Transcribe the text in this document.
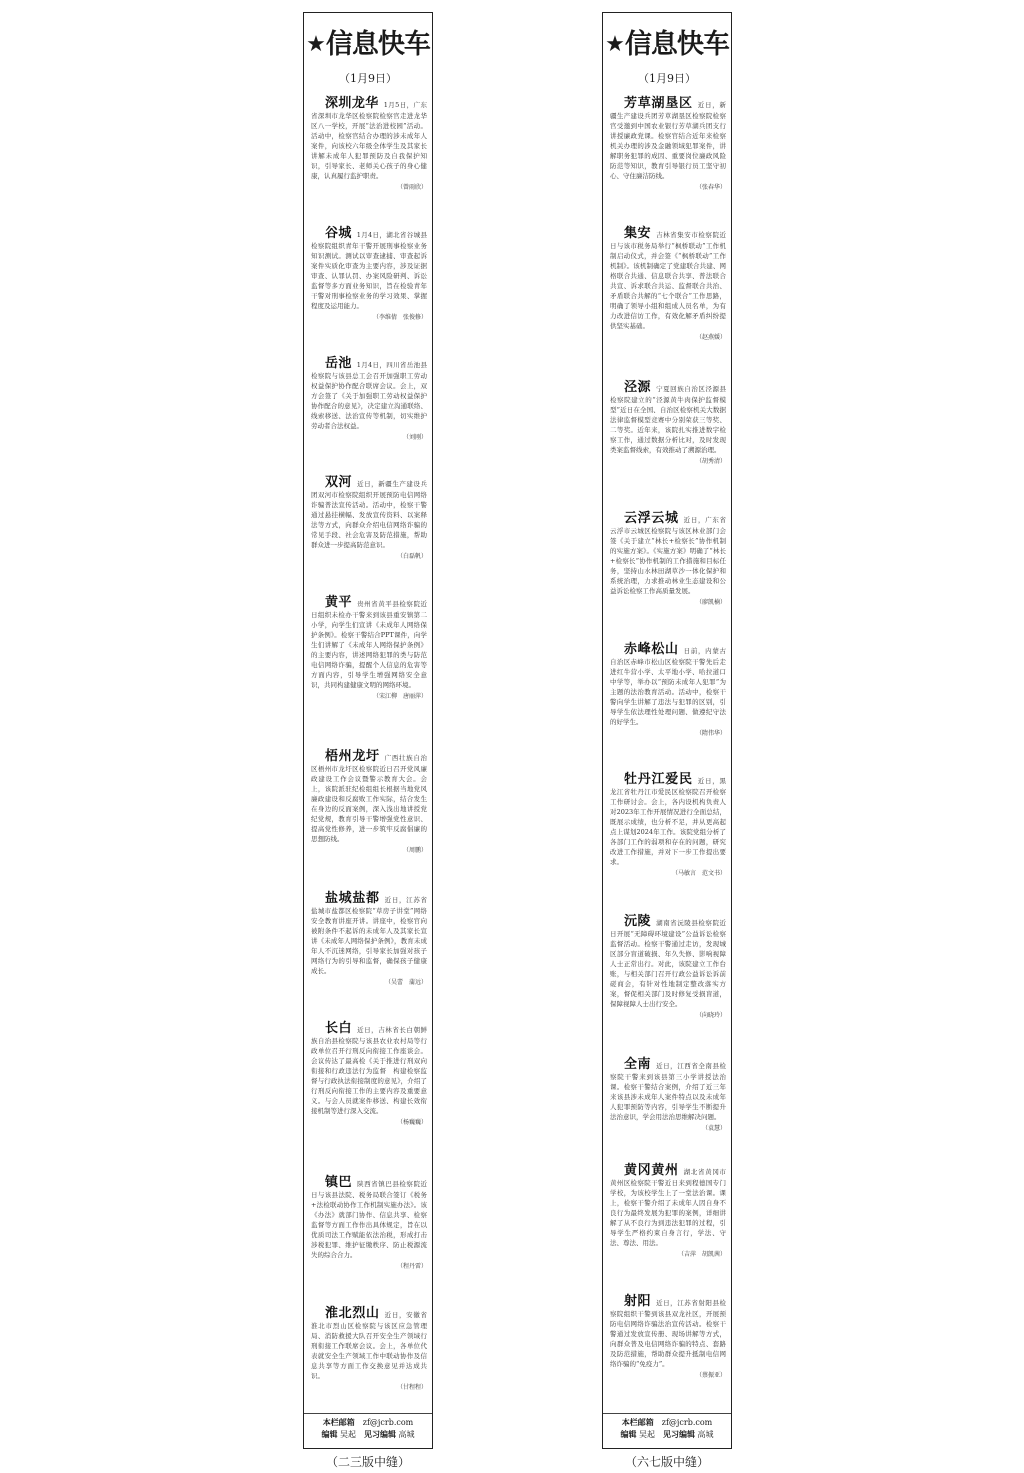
★信息快车
（1月9日）

深圳龙华 1月5日，广东省深圳市龙华区检察院检察官走进龙华区八一学校，开展“法治进校园”活动。活动中，检察官结合办理的涉未成年人案件，向该校六年级全体学生及其家长讲解未成年人犯罪预防及自我保护知识，引导家长、老师关心孩子的身心健康，认真履行监护职责。

（曾雨欣）

谷城 1月4日，湖北省谷城县检察院组织青年干警开展刑事检察业务知识测试。测试以审查逮捕、审查起诉案件实质化审查为主要内容，涉及证据审查、认罪认罚、办案风险研判、诉讼监督等多方面业务知识，旨在检验青年干警对刑事检察业务的学习效果、掌握程度及运用能力。

（李维倩　张俊修）

岳池 1月4日，四川省岳池县检察院与该县总工会召开加强职工劳动权益保护协作配合联席会议。会上，双方会签了《关于加强职工劳动权益保护协作配合的意见》，决定建立沟通联络、线索移送、法治宣传等机制，切实维护劳动者合法权益。

（刘刚）

双河 近日，新疆生产建设兵团双河市检察院组织开展预防电信网络诈骗普法宣传活动。活动中，检察干警通过悬挂横幅、发放宣传资料、以案释法等方式，向群众介绍电信网络诈骗的常见手段、社会危害及防范措施，帮助群众进一步提高防范意识。

（白磊帆）

黄平 贵州省黄平县检察院近日组织未检办干警来到该县重安镇第二小学，向学生们宣讲《未成年人网络保护条例》。检察干警结合PPT课件，向学生们讲解了《未成年人网络保护条例》的主要内容，讲述网络犯罪的类与防范电信网络诈骗，提醒个人信息的危害等方面内容，引导学生增强网络安全意识，共同构建健康文明的网络环境。

（宋江柳　唐丽萍）

梧州龙圩 广西壮族自治区梧州市龙圩区检察院近日召开党风廉政建设工作会议暨警示教育大会。会上，该院派驻纪检组组长根据当地党风廉政建设和反腐败工作实际，结合发生在身边的反面案例，深入浅出地讲授党纪党规，教育引导干警增强党性意识、提高党性修养，进一步筑牢反腐倡廉的思想防线。

（周鹏）

盐城盐都 近日，江苏省盐城市盐都区检察院“草房子讲堂”网络安全教育讲座开讲。讲座中，检察官向被附条件不起诉的未成年人及其家长宣讲《未成年人网络保护条例》，教育未成年人不沉迷网络，引导家长加强对孩子网络行为的引导和监督，确保孩子健康成长。

（吴蕾　蒲远）

长白 近日，吉林省长白朝鲜族自治县检察院与该县农业农村局等行政单位召开行刑反向衔接工作座谈会。会议传达了最高检《关于推进行刑双向衔接和行政违法行为监督　构建检察监督与行政执法衔接制度的意见》，介绍了行刑反向衔接工作的主要内容及重要意义。与会人员就案件移送、构建长效衔接机制等进行深入交流。

（杨巍巍）

镇巴 陕西省镇巴县检察院近日与该县法院、税务局联合签订《税务+法检联动协作工作机制实施办法》。该《办法》就部门协作、信息共享、检察监督等方面工作作出具体规定，旨在以优质司法工作赋能依法治税，形成打击涉税犯罪、维护征缴秩序、防止税源流失的综合合力。

（程丹雷）

淮北烈山 近日，安徽省淮北市烈山区检察院与该区应急管理局、消防救援大队召开安全生产领域行刑衔接工作联席会议。会上，各单位代表就安全生产领域工作中联动协作及信息共享等方面工作交换意见并达成共识。

（甘程程）
本栏邮箱　 zf@jcrb.com
编辑 吴起　 见习编辑 高城
（二三版中缝）
★信息快车
（1月9日）

芳草湖垦区 近日，新疆生产建设兵团芳草湖垦区检察院检察官受邀到中国农业银行芳草湖兵团支行讲授廉政党课。检察官结合近年来检察机关办理的涉及金融领域犯罪案件，讲解职务犯罪的成因、重要岗位廉政风险防范等知识，教育引导银行员工坚守初心、守住廉洁防线。

（张春华）

集安 吉林省集安市检察院近日与该市税务局举行“枫桥联动”工作机制启动仪式，并会签《“枫桥联动”工作机制》。该机制确定了党建联合共建、网格联合共通、信息联合共享、普法联合共宣、诉求联合共运、监督联合共治、矛盾联合共解的“七个联合”工作思路，明确了领导小组和组成人员名单，为有力改进信访工作，有效化解矛盾纠纷提供坚实基础。

（赵燕媛）

泾源 宁夏回族自治区泾源县检察院建立的“泾源黄牛肉保护监督模型”近日在全国、自治区检察机关大数据法律监督模型竞赛中分别荣获三等奖、二等奖。近年来，该院扎实推进数字检察工作，通过数据分析比对，及时发现类案监督线索，有效推动了溯源治理。

（胡秀清）

云浮云城 近日，广东省云浮市云城区检察院与该区林业部门会签《关于建立“林长+检察长”协作机制的实施方案》。《实施方案》明确了“林长+检察长”协作机制的工作措施和目标任务，坚持山水林田湖草沙一体化保护和系统治理，力求推动林业生态建设和公益诉讼检察工作高质量发展。

（廖凯楠）

赤峰松山 日前，内蒙古自治区赤峰市松山区检察院干警先后走进红牛营小学、太平地小学、哈拉道口中学等，举办以“预防未成年人犯罪”为主题的法治教育活动。活动中，检察干警向学生讲解了违法与犯罪的区别，引导学生依法理性处理问题、做遵纪守法的好学生。

（隋伟华）

牡丹江爱民 近日，黑龙江省牡丹江市爱民区检察院召开检察工作研讨会。会上，各内设机构负责人对2023年工作开展情况进行全面总结，既展示成绩，也分析不足，并从更高起点上谋划2024年工作。该院党组分析了各部门工作的弱项和存在的问题，研究改进工作措施，并对下一步工作提出要求。

（马敏言　范文书）

沅陵 湖南省沅陵县检察院近日开展“无障碍环境建设”公益诉讼检察监督活动。检察干警通过走访，发现城区部分盲道破损、年久失修、影响视障人士正常出行。对此，该院建立工作台账，与相关部门召开行政公益诉讼诉前磋商会，有针对性地制定整改落实方案，督促相关部门及时修复受损盲道，保障视障人士出行安全。

（向晓玲）

全南 近日，江西省全南县检察院干警来到该县第三小学讲授法治课。检察干警结合案例，介绍了近三年来该县涉未成年人案件特点以及未成年人犯罪预防等内容，引导学生不断提升法治意识，学会用法治思维解决问题。

（袁慧）

黄冈黄州 湖北省黄冈市黄州区检察院干警近日来到程德国专门学校，为该校学生上了一堂法治课。课上，检察干警介绍了未成年人因自身不良行为最终发展为犯罪的案例，详细讲解了从不良行为到违法犯罪的过程，引导学生严格约束自身言行，学法、守法、尊法、用法。

（吉萍　胡凯茜）

射阳 近日，江苏省射阳县检察院组织干警到该县双龙社区，开展预防电信网络诈骗法治宣传活动。检察干警通过发放宣传册、现场讲解等方式，向群众普及电信网络诈骗的特点、套路及防范措施，帮助群众提升抵制电信网络诈骗的“免疫力”。

（蔡振亚）
本栏邮箱　 zf@jcrb.com
编辑 吴起　 见习编辑 高城
（六七版中缝）
